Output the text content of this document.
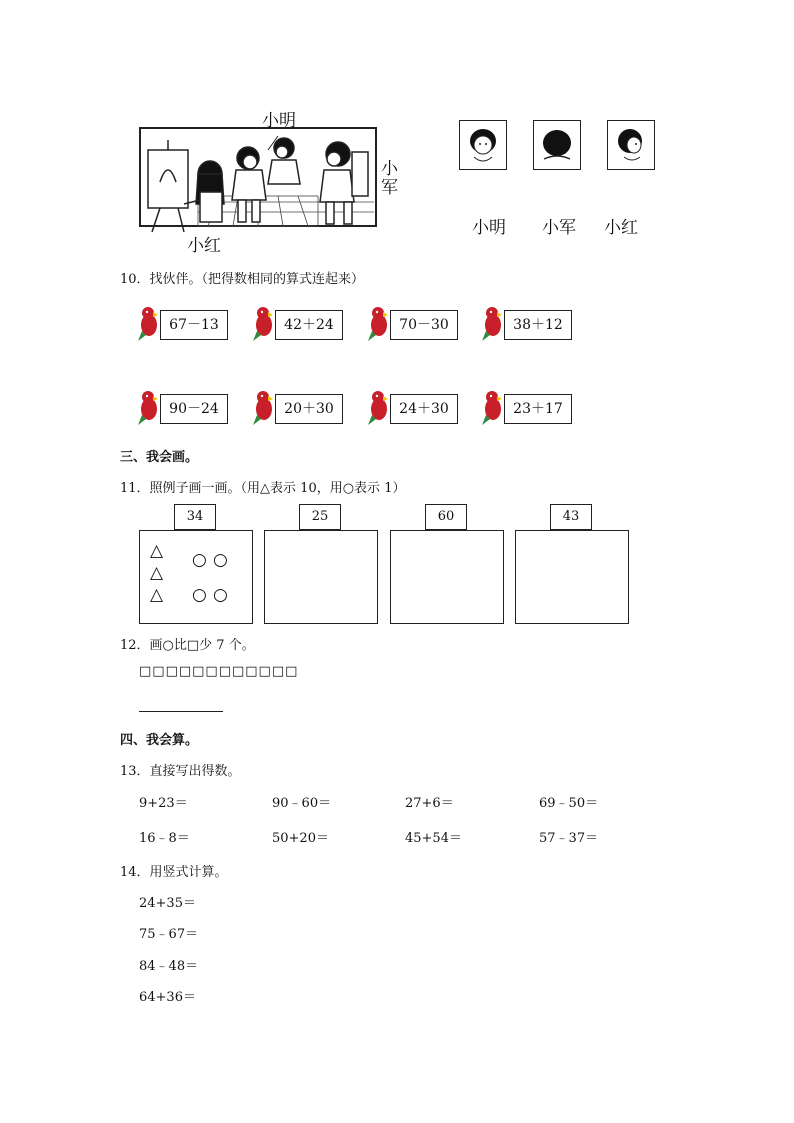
小明
小军
小红
小明 小军 小红
10．找伙伴。（把得数相同的算式连起来）
67－13	42＋24	70－30	38＋12
90－24	20＋30	24＋30	23＋17
三、我会画。
11．照例子画一画。（用△表示 10，用○表示 1）
34	25	60	43
△
△
△
○ ○
○ ○
12．画○比□少 7 个。
□□□□□□□□□□□□
四、我会算。
13．直接写出得数。
9+23＝	90﹣60＝	27+6＝	69﹣50＝
16﹣8＝	50+20＝	45+54＝	57﹣37＝
14．用竖式计算。
24+35＝
75﹣67＝
84﹣48＝
64+36＝
